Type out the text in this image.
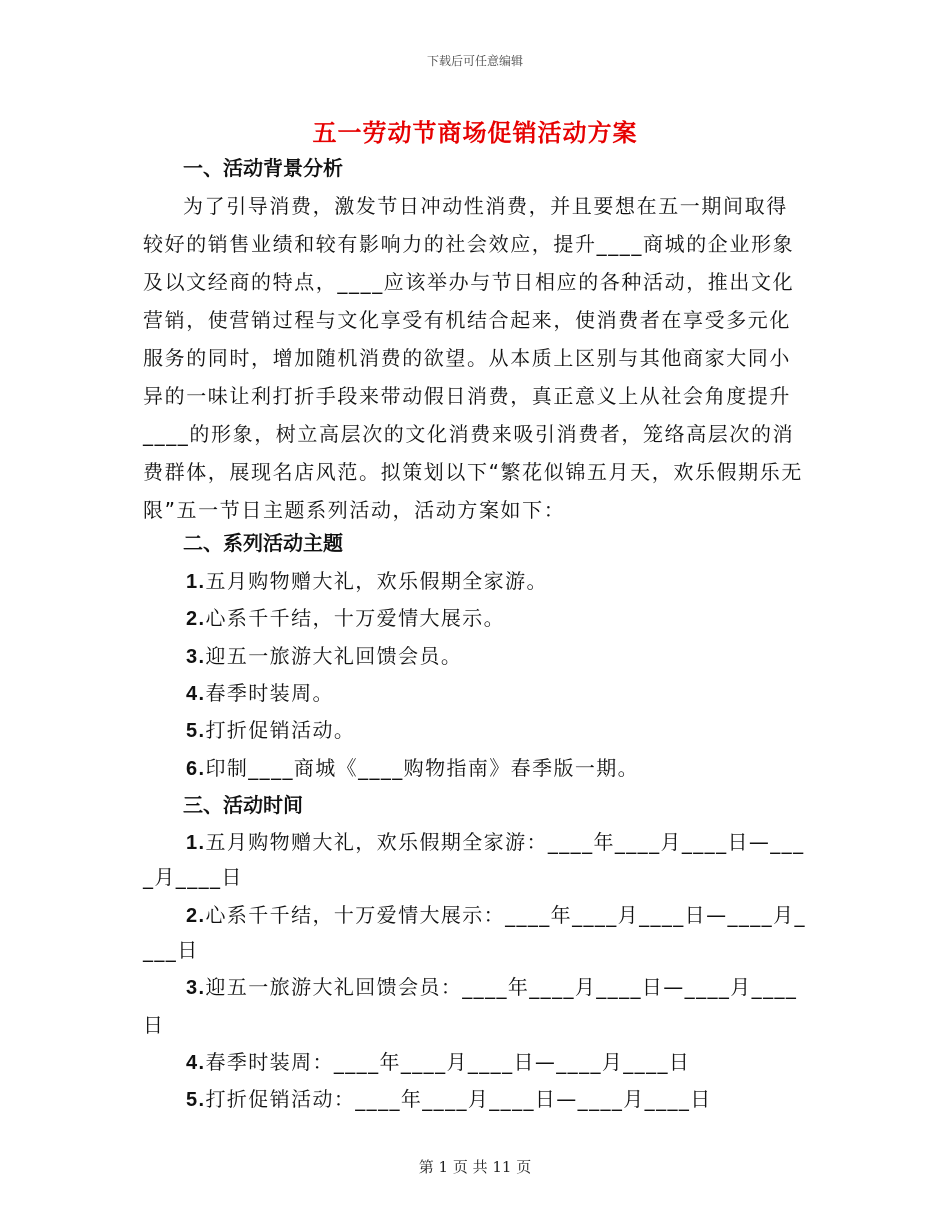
下载后可任意编辑
五一劳动节商场促销活动方案
一、活动背景分析

为了引导消费，激发节日冲动性消费，并且要想在五一期间取得较好的销售业绩和较有影响力的社会效应，提升____商城的企业形象及以文经商的特点，____应该举办与节日相应的各种活动，推出文化营销，使营销过程与文化享受有机结合起来，使消费者在享受多元化服务的同时，增加随机消费的欲望。从本质上区别与其他商家大同小异的一味让利打折手段来带动假日消费，真正意义上从社会角度提升____的形象，树立高层次的文化消费来吸引消费者，笼络高层次的消费群体，展现名店风范。拟策划以下“繁花似锦五月天，欢乐假期乐无限”五一节日主题系列活动，活动方案如下：

二、系列活动主题
1.五月购物赠大礼，欢乐假期全家游。
2.心系千千结，十万爱情大展示。
3.迎五一旅游大礼回馈会员。
4.春季时装周。
5.打折促销活动。
6.印制____商城《____购物指南》春季版一期。
三、活动时间
1.五月购物赠大礼，欢乐假期全家游：____年____月____日—___
_月____日
2.心系千千结，十万爱情大展示：____年____月____日—____月_
___日
3.迎五一旅游大礼回馈会员：____年____月____日—____月____
日
4.春季时装周：____年____月____日—____月____日
5.打折促销活动：____年____月____日—____月____日
第 1 页 共 11 页
